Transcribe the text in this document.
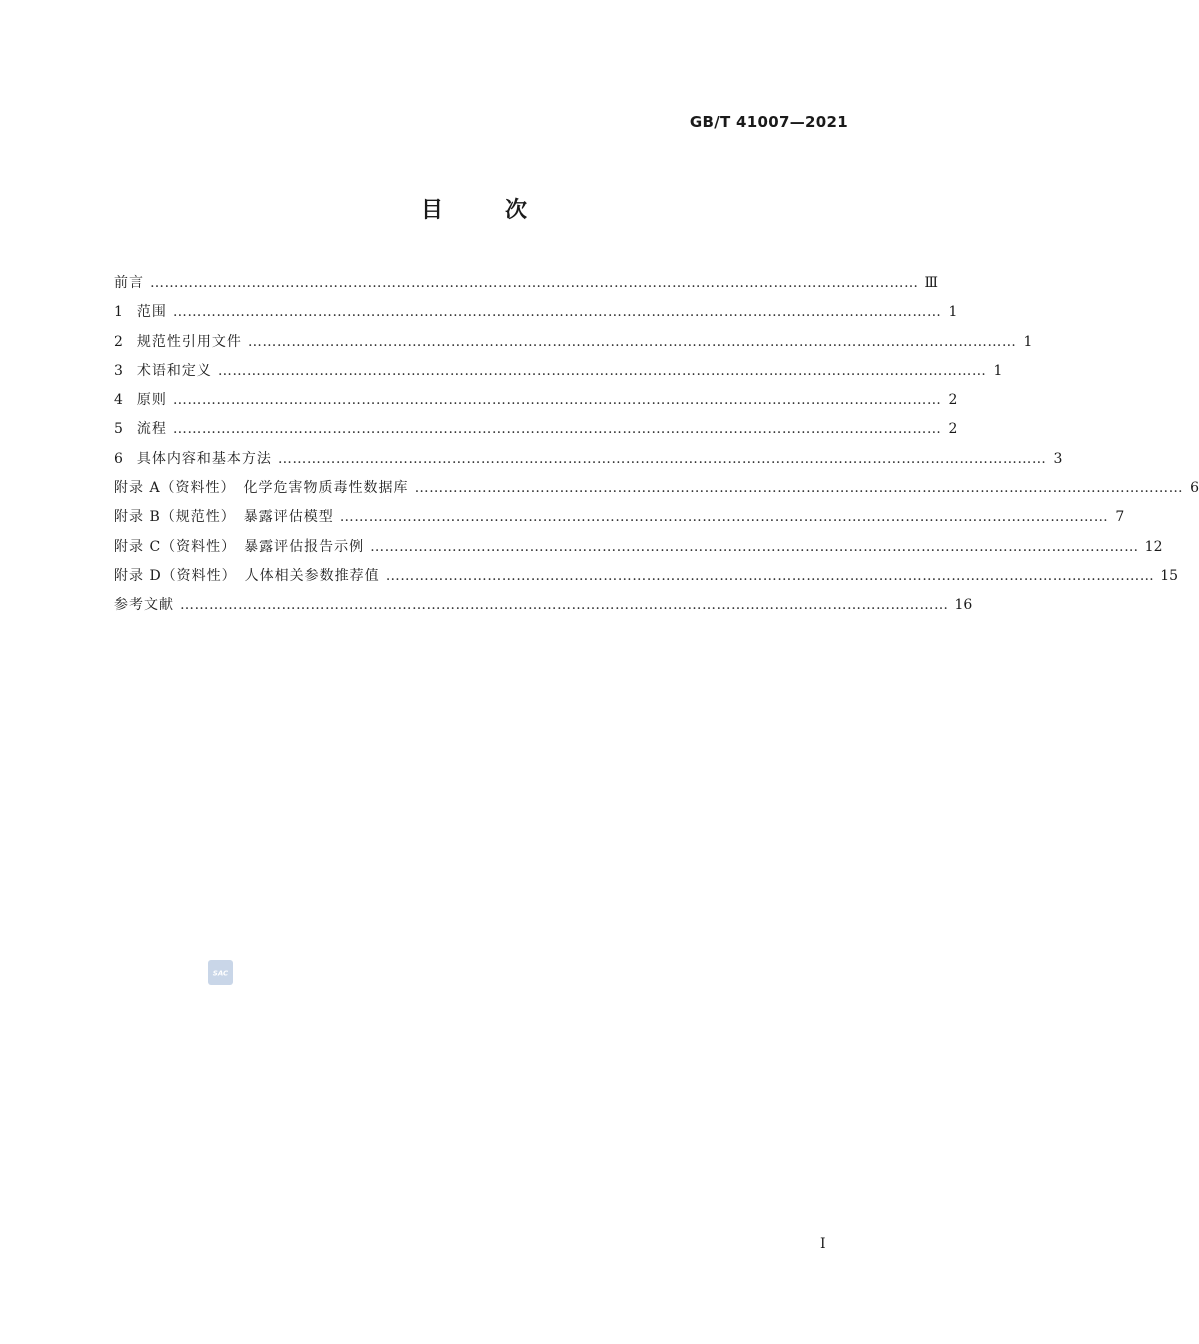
GB/T 41007—2021
目	次
前言 …………………………………………………………………………………………………………………………………………… Ⅲ
1 范围 …………………………………………………………………………………………………………………………………………… 1
2 规范性引用文件 …………………………………………………………………………………………………………………………………………… 1
3 术语和定义 …………………………………………………………………………………………………………………………………………… 1
4 原则 …………………………………………………………………………………………………………………………………………… 2
5 流程 …………………………………………………………………………………………………………………………………………… 2
6 具体内容和基本方法 …………………………………………………………………………………………………………………………………………… 3
附录 A（资料性）　化学危害物质毒性数据库 …………………………………………………………………………………………………………………………………………… 6
附录 B（规范性）　暴露评估模型 …………………………………………………………………………………………………………………………………………… 7
附录 C（资料性）　暴露评估报告示例 …………………………………………………………………………………………………………………………………………… 12
附录 D（资料性）　人体相关参数推荐值 …………………………………………………………………………………………………………………………………………… 15
参考文献 …………………………………………………………………………………………………………………………………………… 16
SAC
I
